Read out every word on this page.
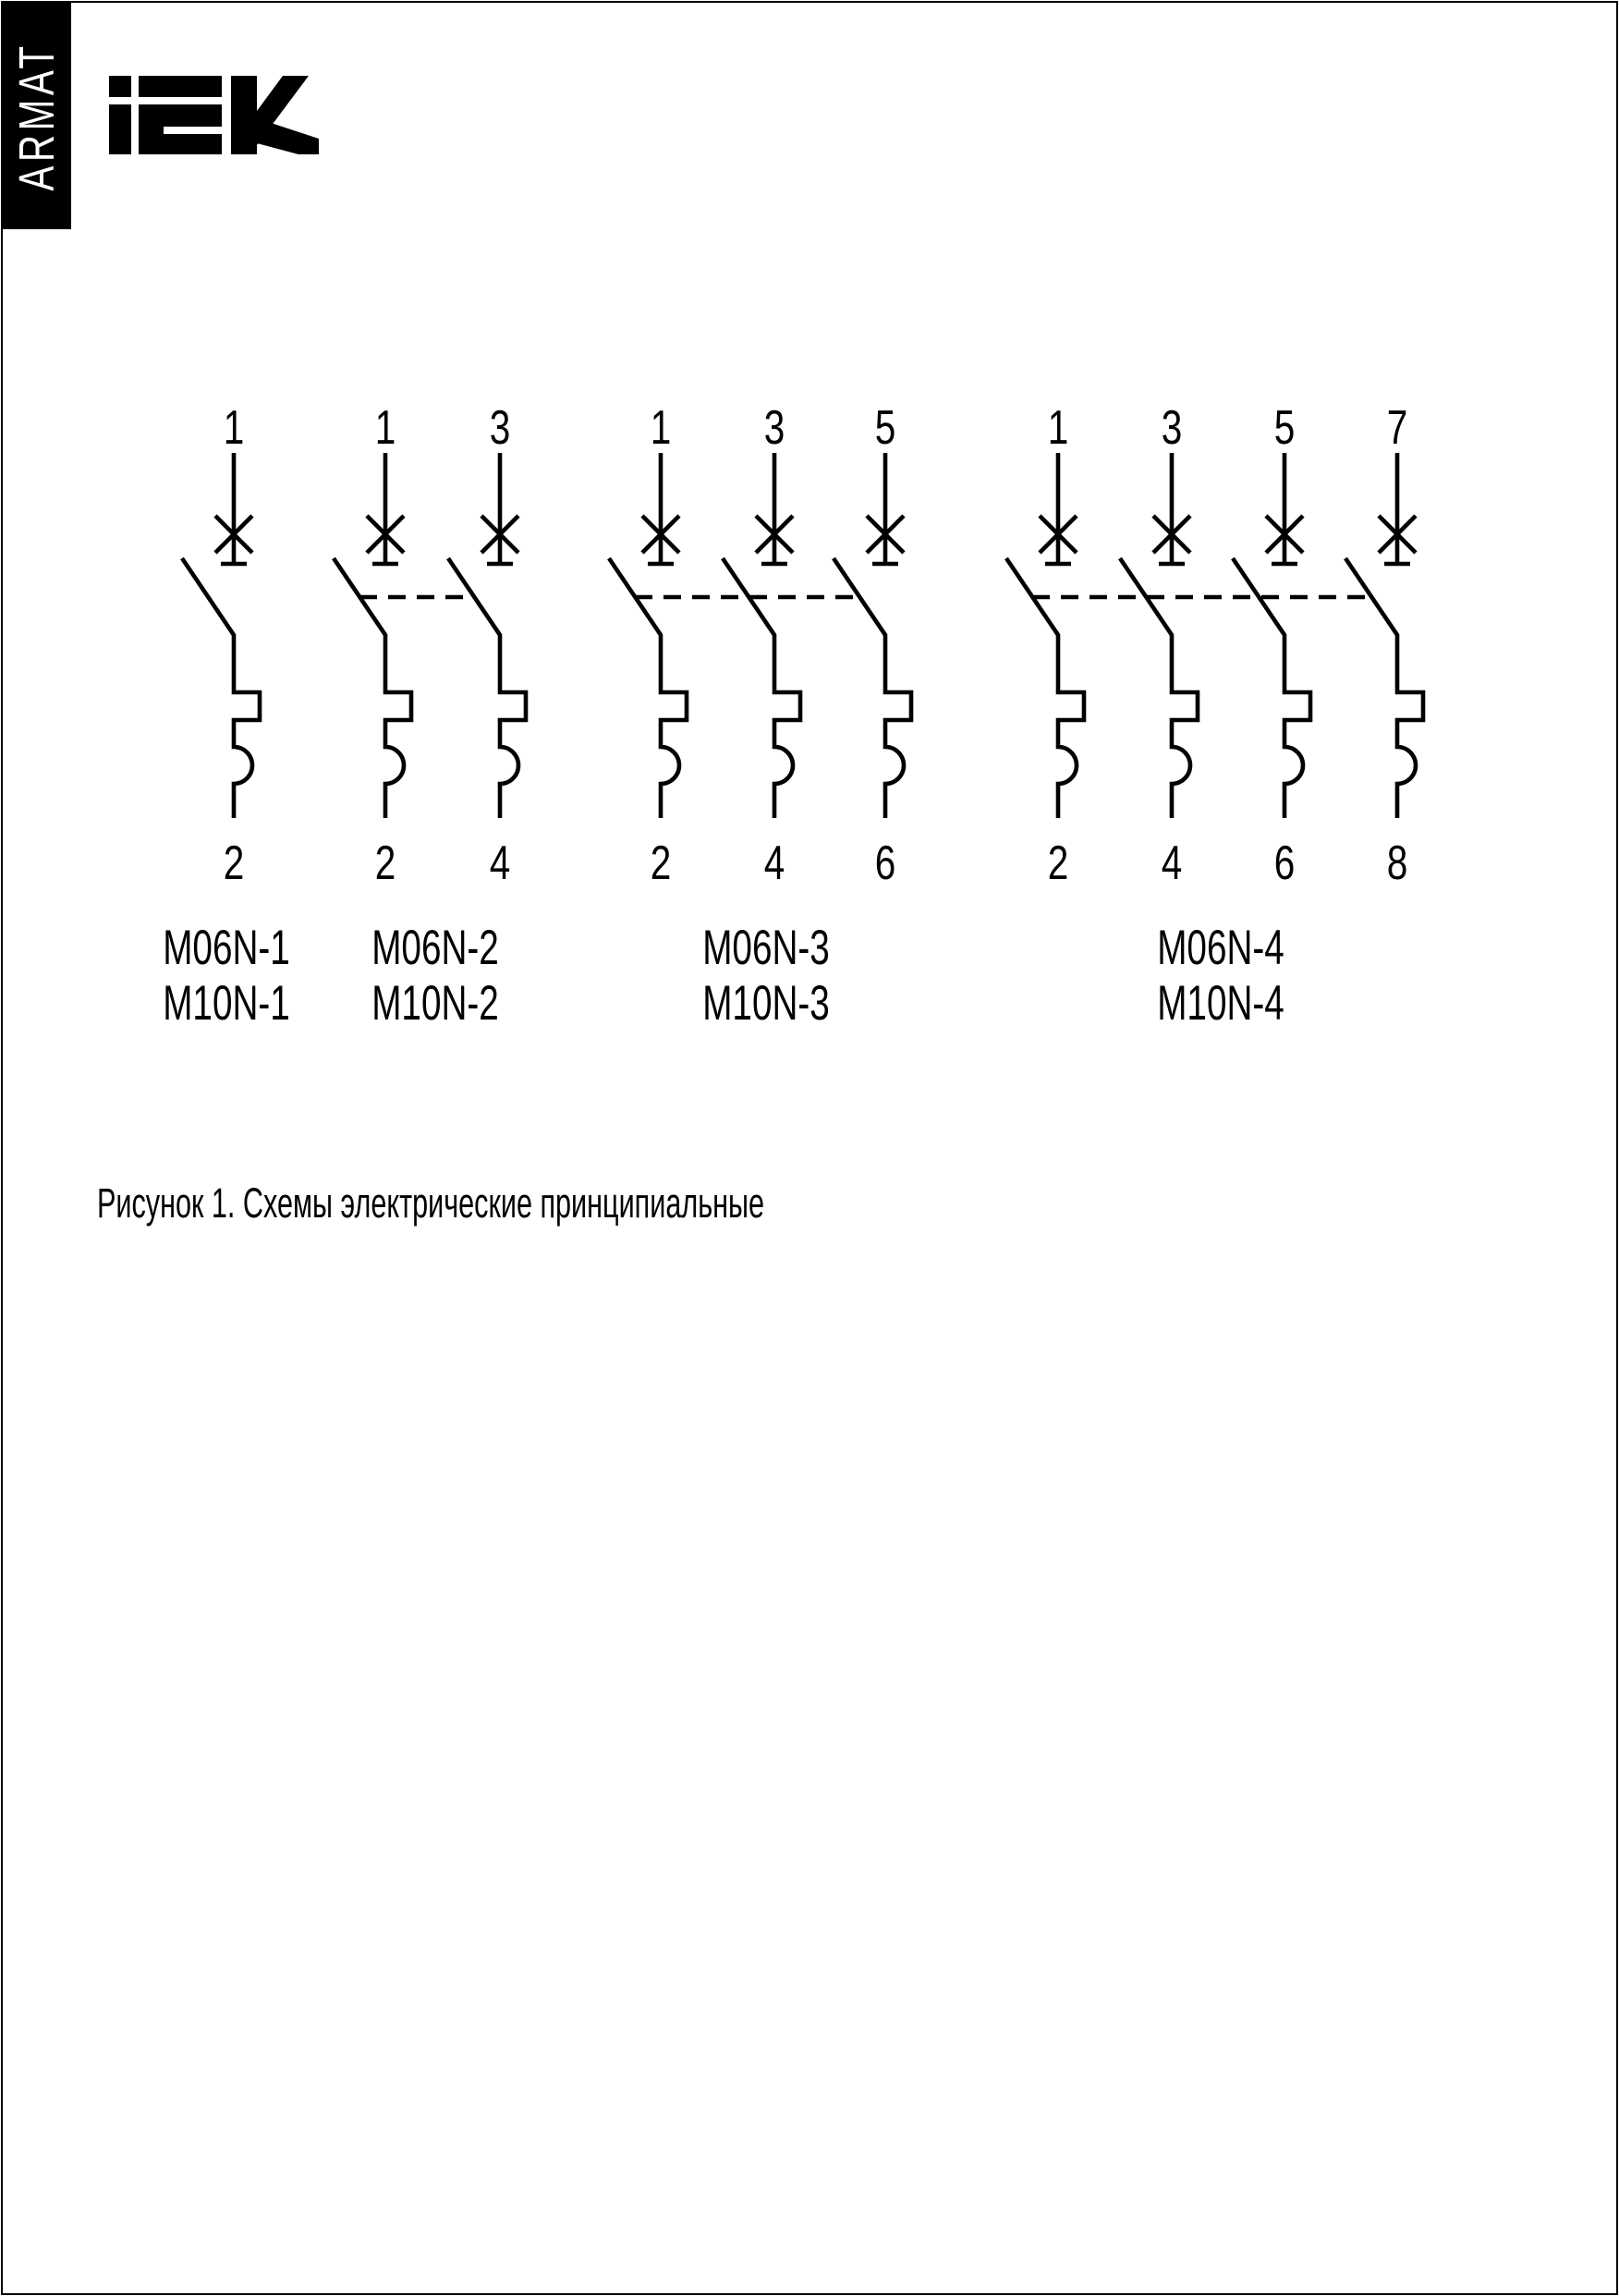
ARMAT
1
2
1
2
3
4
1
2
3
4
5
6
1
2
3
4
5
6
7
8
Рисунок 1. Схемы электрические принципиальные
M06N-1
M10N-1
M06N-2
M10N-2
M06N-3
M10N-3
M06N-4
M10N-4
